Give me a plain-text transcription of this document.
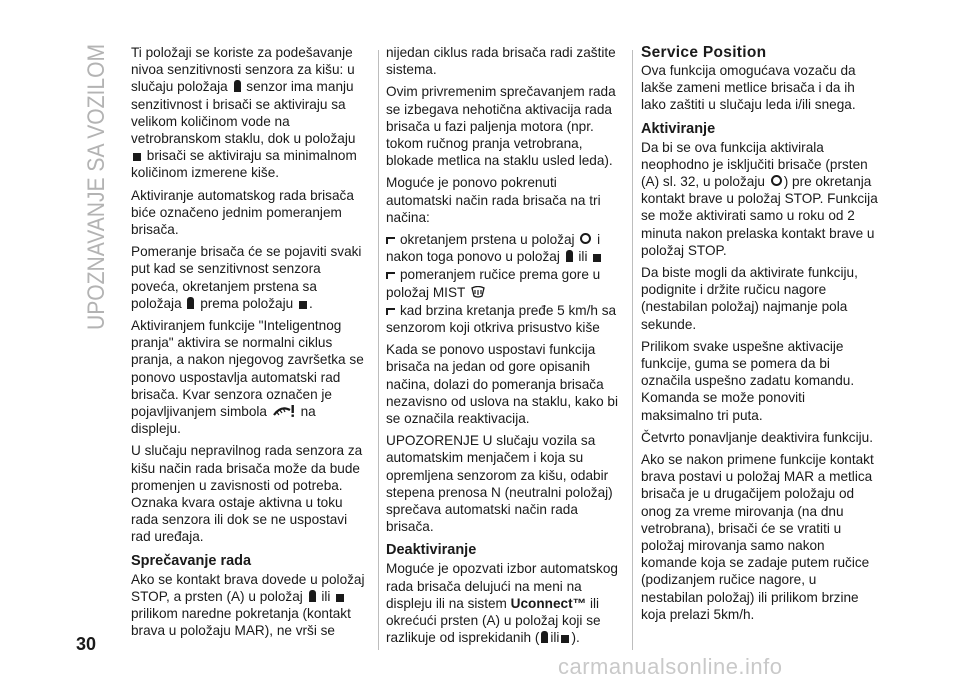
UPOZNAVANJE SA VOZILOM Ti položaji se koriste za podešavanje nivoa senzitivnosti senzora za kišu: u slučaju položaja senzor ima manju senzitivnost i brisači se aktiviraju sa velikom količinom vode na vetrobranskom staklu, dok u položaju  brisači se aktiviraju sa minimalnom količinom izmerene kiše.

Aktiviranje automatskog rada brisača biće označeno jednim pomeranjem brisača.

Pomeranje brisača će se pojaviti svaki put kad se senzitivnost senzora poveća, okretanjem prstena sa položaja prema položaju .

Aktiviranjem funkcije "Inteligentnog pranja" aktivira se normalni ciklus pranja, a nakon njegovog završetka se ponovo uspostavlja automatski rad brisača. Kvar senzora označen je pojavljivanjem simbola na displeju.

U slučaju nepravilnog rada senzora za kišu način rada brisača može da bude promenjen u zavisnosti od potreba. Oznaka kvara ostaje aktivna u toku rada senzora ili dok se ne uspostavi rad uređaja.

Sprečavanje rada

Ako se kontakt brava dovede u položaj STOP, a prsten (A) u položaj ili  prilikom naredne pokretanja (kontakt brava u položaju MAR), ne vrši se

nijedan ciklus rada brisača radi zaštite sistema.

Ovim privremenim sprečavanjem rada se izbegava nehotična aktivacija rada brisača u fazi paljenja motora (npr. tokom ručnog pranja vetrobrana, blokade metlica na staklu usled leda).

Moguće je ponovo pokrenuti automatski način rada brisača na tri načina:

okretanjem prstena u položaj i nakon toga ponovo u položaj ili
pomeranjem ručice prema gore u položaj MIST
kad brzina kretanja pređe 5 km/h sa senzorom koji otkriva prisustvo kiše

Kada se ponovo uspostavi funkcija brisača na jedan od gore opisanih načina, dolazi do pomeranja brisača nezavisno od uslova na staklu, kako bi se označila reaktivacija.

UPOZORENJE U slučaju vozila sa automatskim menjačem i koja su opremljena senzorom za kišu, odabir stepena prenosa N (neutralni položaj) sprečava automatski način rada brisača.

Deaktiviranje

Moguće je opozvati izbor automatskog rada brisača delujući na meni na displeju ili na sistem Uconnect™ ili okrećući prsten (A) u položaj koji se razlikuje od isprekidanih ( ili ).

Service Position

Ova funkcija omogućava vozaču da lakše zameni metlice brisača i da ih lako zaštiti u slučaju leda i/ili snega.

Aktiviranje

Da bi se ova funkcija aktivirala neophodno je isključiti brisače (prsten (A) sl. 32, u položaju ) pre okretanja kontakt brave u položaj STOP. Funkcija se može aktivirati samo u roku od 2 minuta nakon prelaska kontakt brave u položaj STOP.

Da biste mogli da aktivirate funkciju, podignite i držite ručicu nagore (nestabilan položaj) najmanje pola sekunde.

Prilikom svake uspešne aktivacije funkcije, guma se pomera da bi označila uspešno zadatu komandu. Komanda se može ponoviti maksimalno tri puta.

Četvrto ponavljanje deaktivira funkciju.

Ako se nakon primene funkcije kontakt brava postavi u položaj MAR a metlica brisača je u drugačijem položaju od onog za vreme mirovanja (na dnu vetrobrana), brisači će se vratiti u položaj mirovanja samo nakon komande koja se zadaje putem ručice (podizanjem ručice nagore, u nestabilan položaj) ili prilikom brzine koja prelazi 5km/h.

30
carmanualsonline.info
